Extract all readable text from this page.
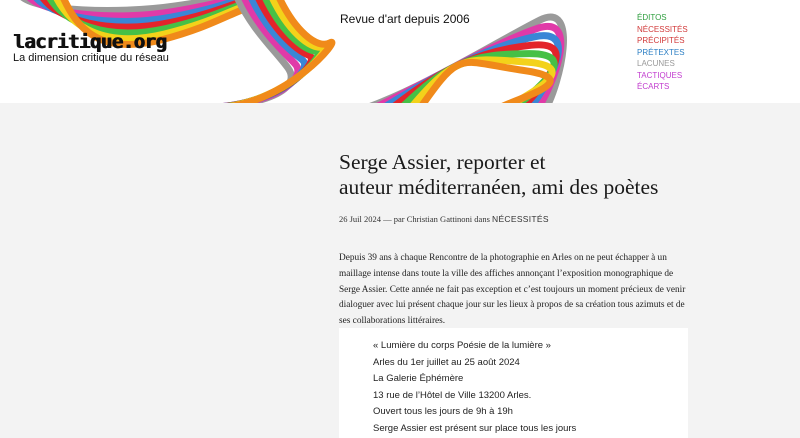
lacritique.org
La dimension critique du réseau
Revue d'art depuis 2006	ÉDITOS
NÉCESSITÉS
PRÉCIPITÉS
PRÉTEXTES
LACUNES
TACTIQUES
ÉCARTS
Serge Assier, reporter et
auteur méditerranéen, ami des poètes
26 Juil 2024 — par Christian Gattinoni dans NÉCESSITÉS

Depuis 39 ans à chaque Rencontre de la photographie en Arles on ne peut échapper à un maillage intense dans toute la ville des affiches annonçant l’exposition monographique de Serge Assier. Cette année ne fait pas exception et c’est toujours un moment précieux de venir dialoguer avec lui présent chaque jour sur les lieux à propos de sa création tous azimuts et de ses collaborations littéraires.

« Lumière du corps Poésie de la lumière »
Arles du 1er juillet au 25 août 2024
La Galerie Éphémère
13 rue de l’Hôtel de Ville 13200 Arles.
Ouvert tous les jours de 9h à 19h
Serge Assier est présent sur place tous les jours
